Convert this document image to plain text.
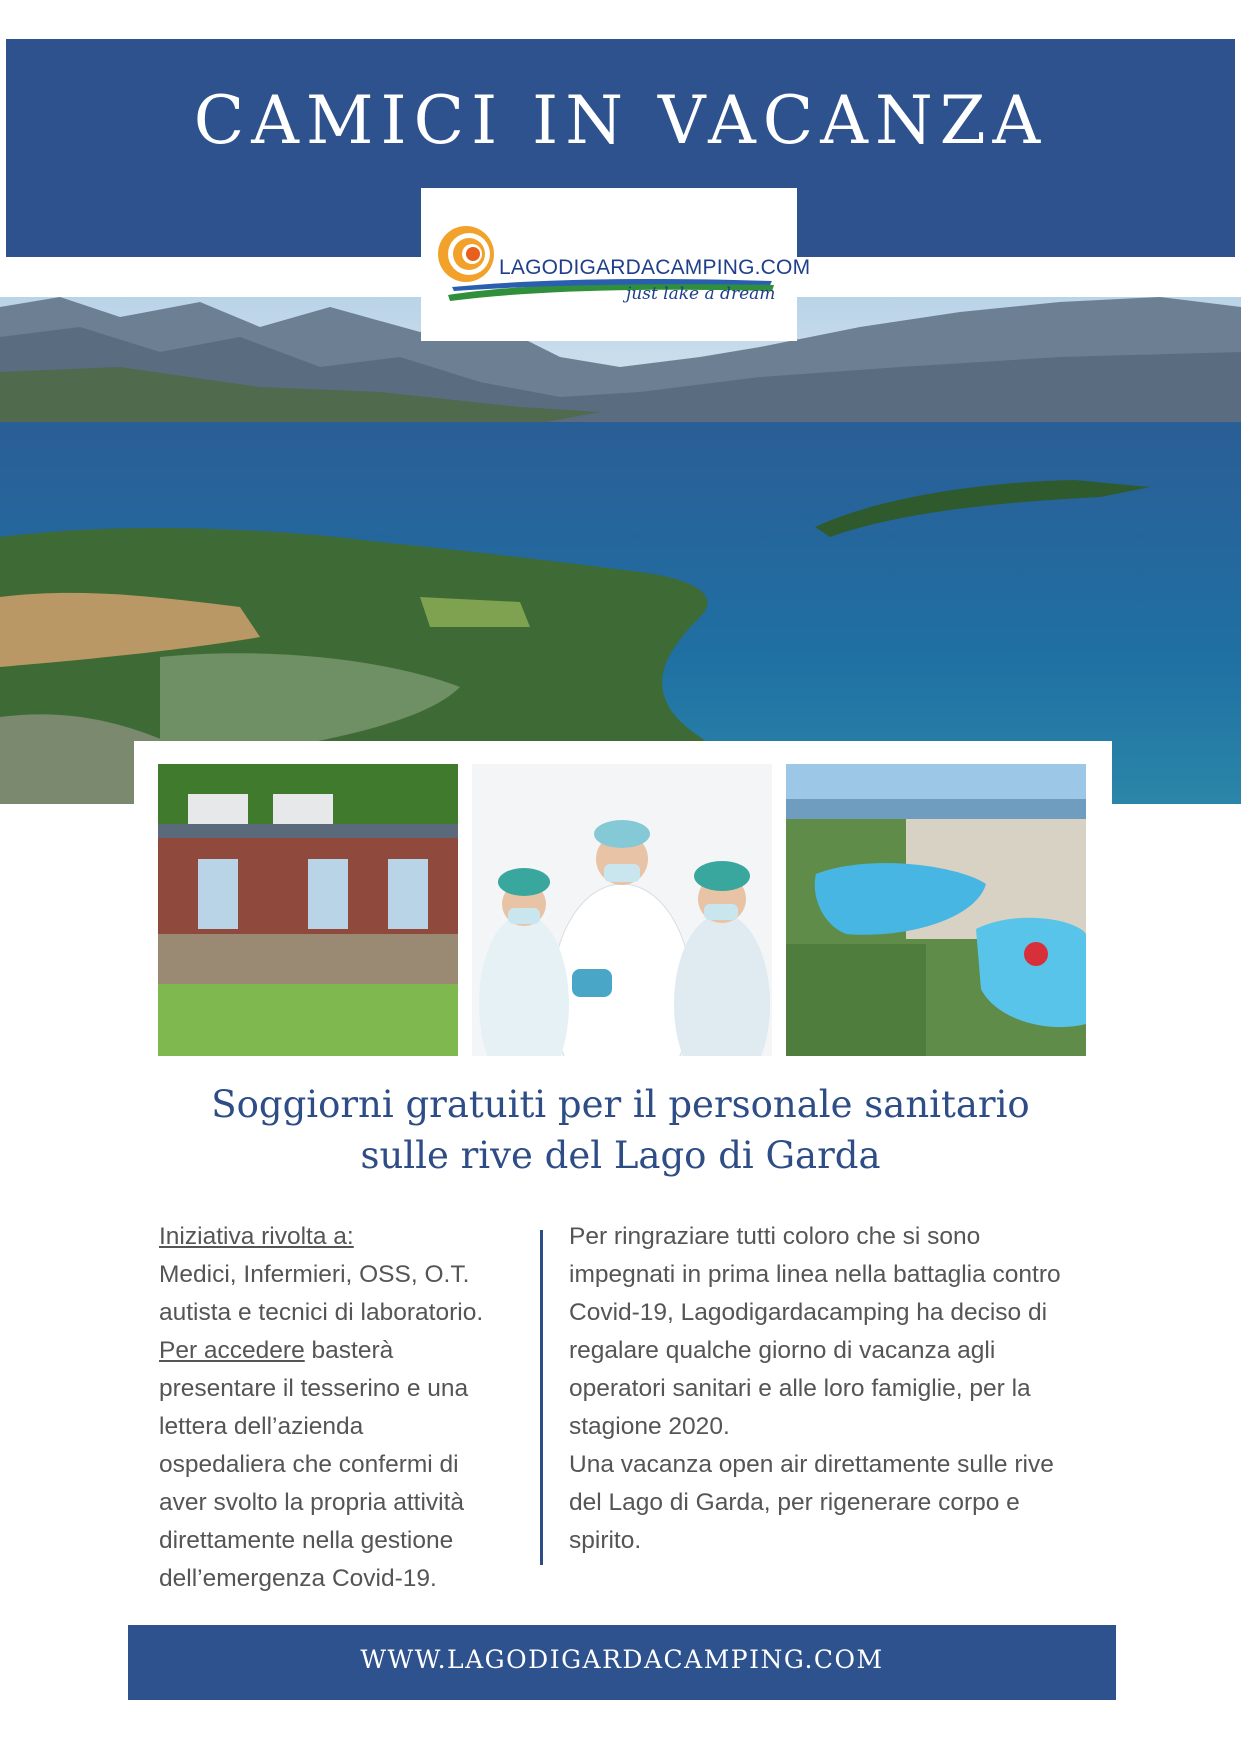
CAMICI IN VACANZA
LAGODIGARDACAMPING.COM
just lake a dream
Soggiorni gratuiti per il personale sanitario
sulle rive del Lago di Garda

Iniziativa rivolta a:

Medici, Infermieri, OSS, O.T.

autista e tecnici di laboratorio.

Per accedere basterà

presentare il tesserino e una

lettera dell’azienda

ospedaliera che confermi di

aver svolto la propria attività

direttamente nella gestione

dell’emergenza Covid-19.

Per ringraziare tutti coloro che si sono

impegnati in prima linea nella battaglia contro

Covid-19, Lagodigardacamping ha deciso di

regalare qualche giorno di vacanza agli

operatori sanitari e alle loro famiglie, per la

stagione 2020.

Una vacanza open air direttamente sulle rive

del Lago di Garda, per rigenerare corpo e

spirito.

WWW.LAGODIGARDACAMPING.COM
